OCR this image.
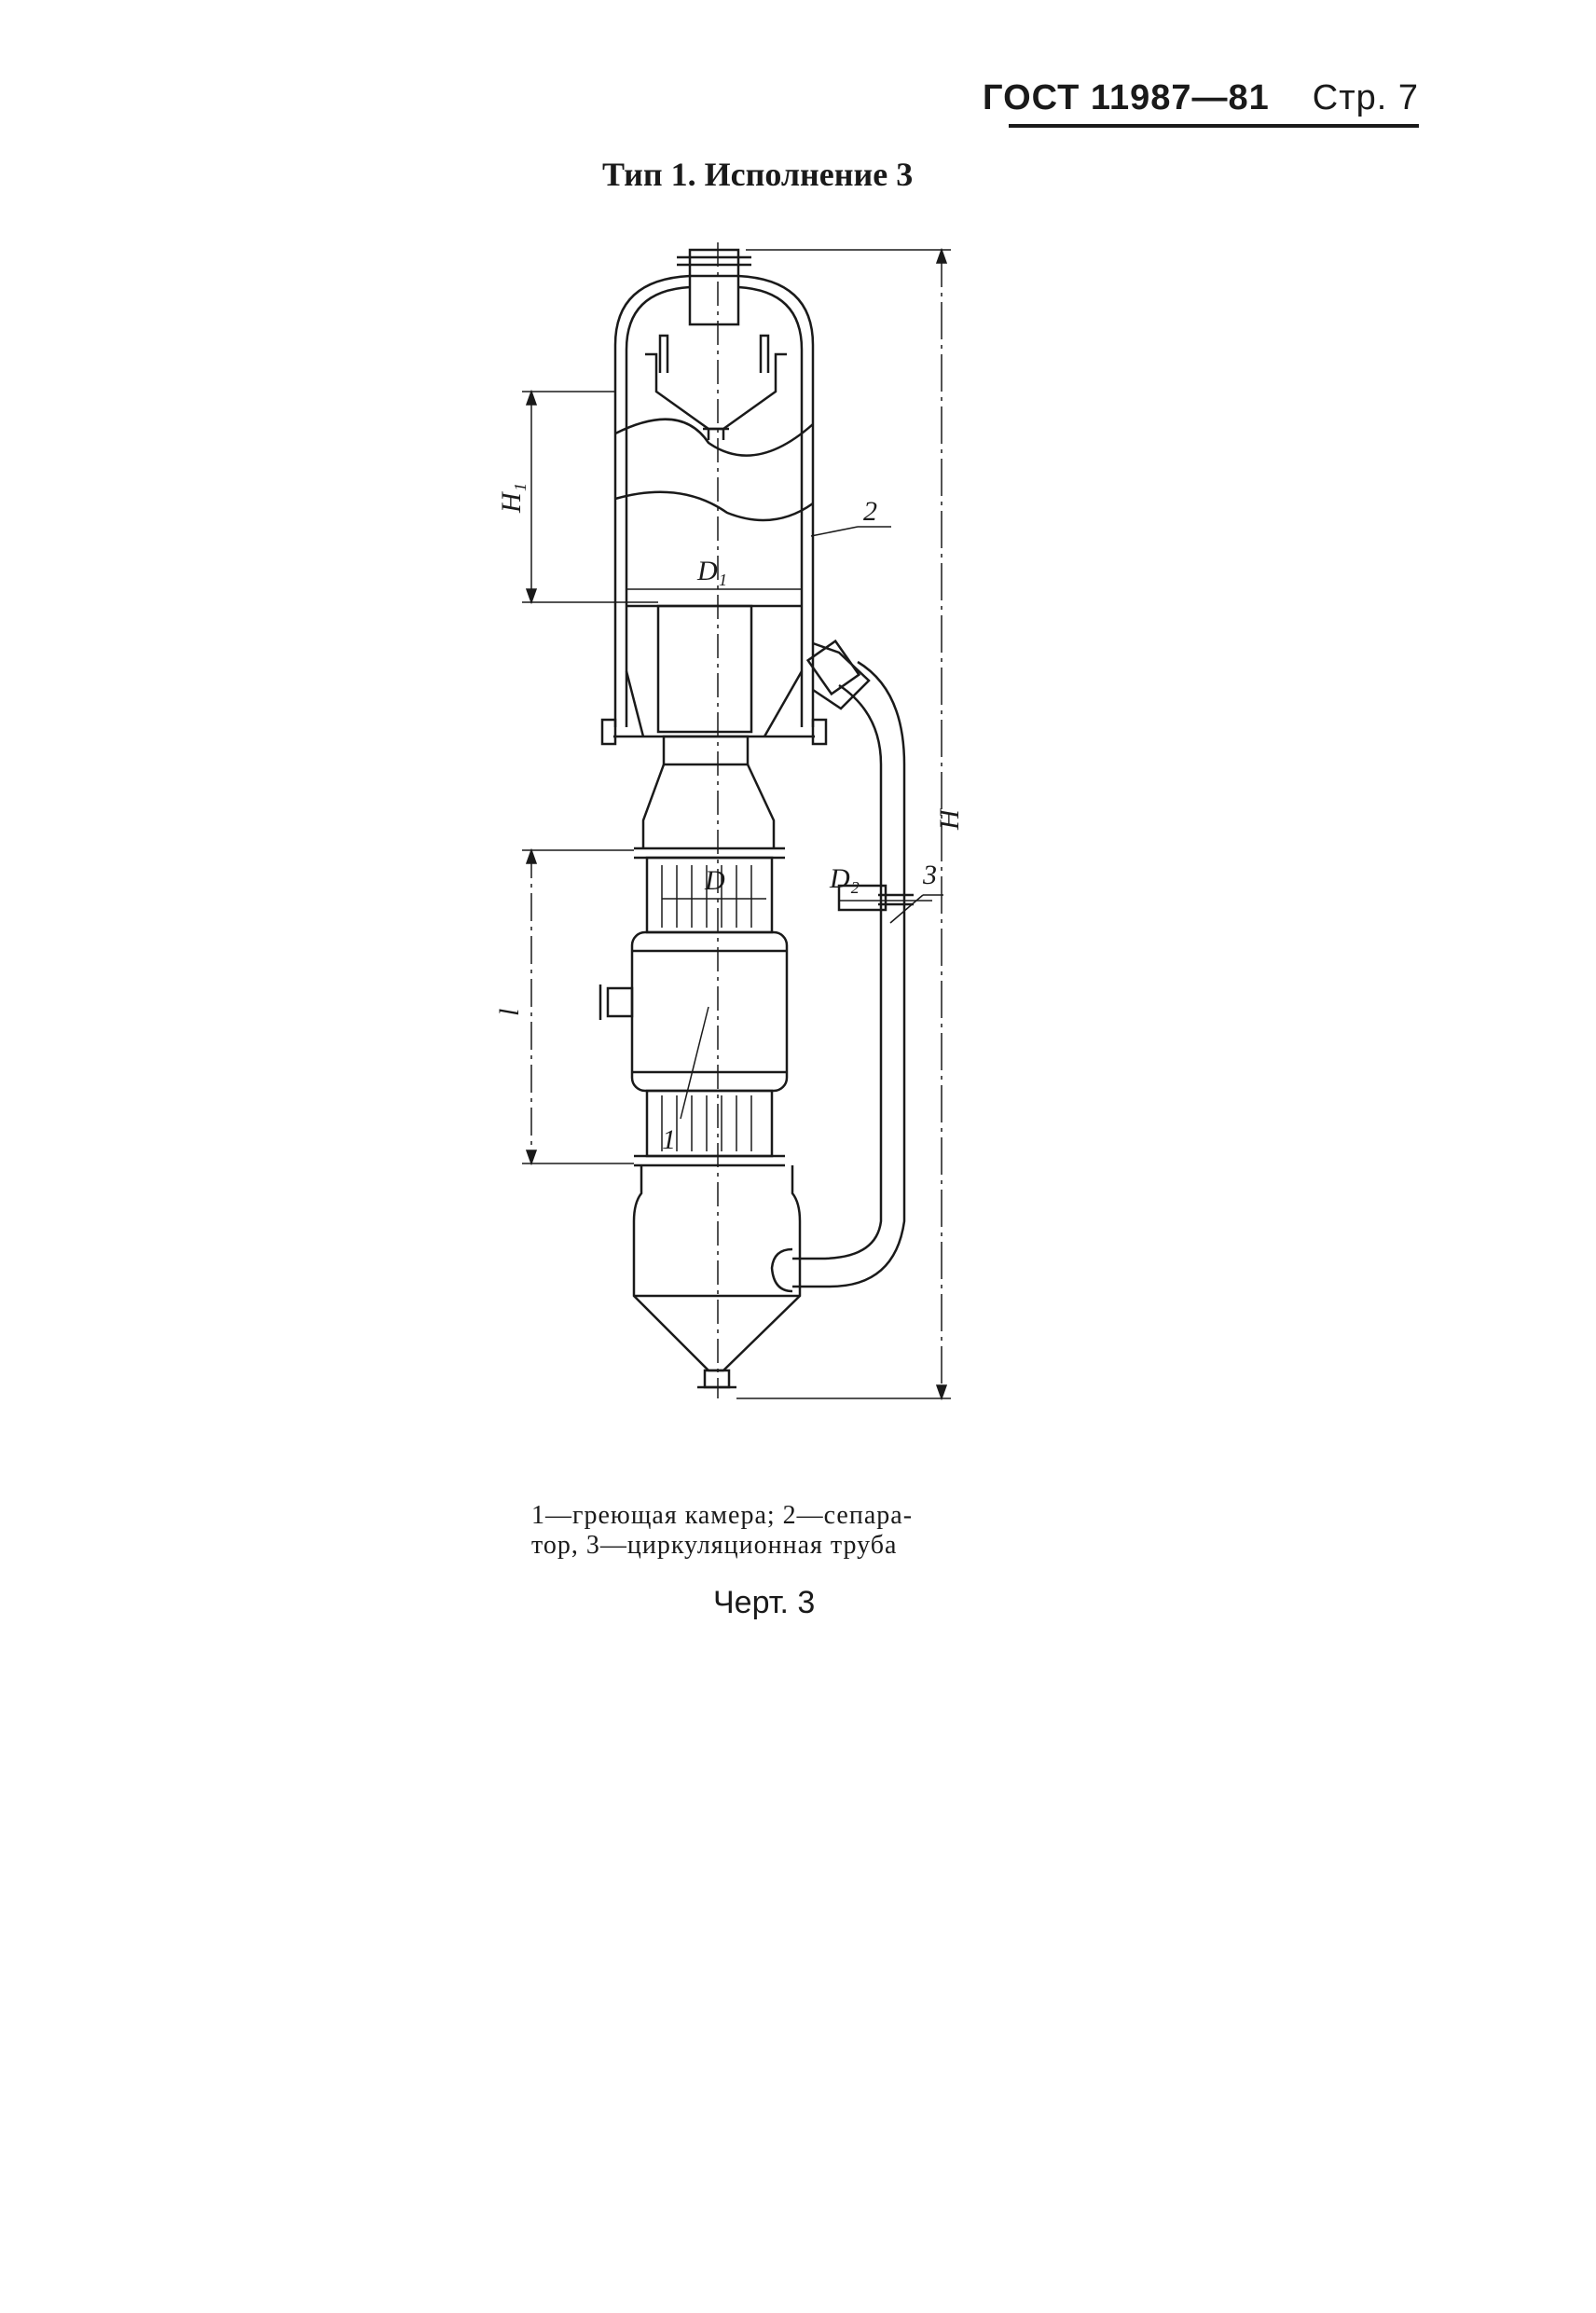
ГОСТ 11987—81 Стр. 7
Тип 1. Исполнение 3
2
3
1
D₁
D	D₂
H
H₁
l
1—греющая камера; 2—сепара-
тор, 3—циркуляционная труба
Черт. 3
